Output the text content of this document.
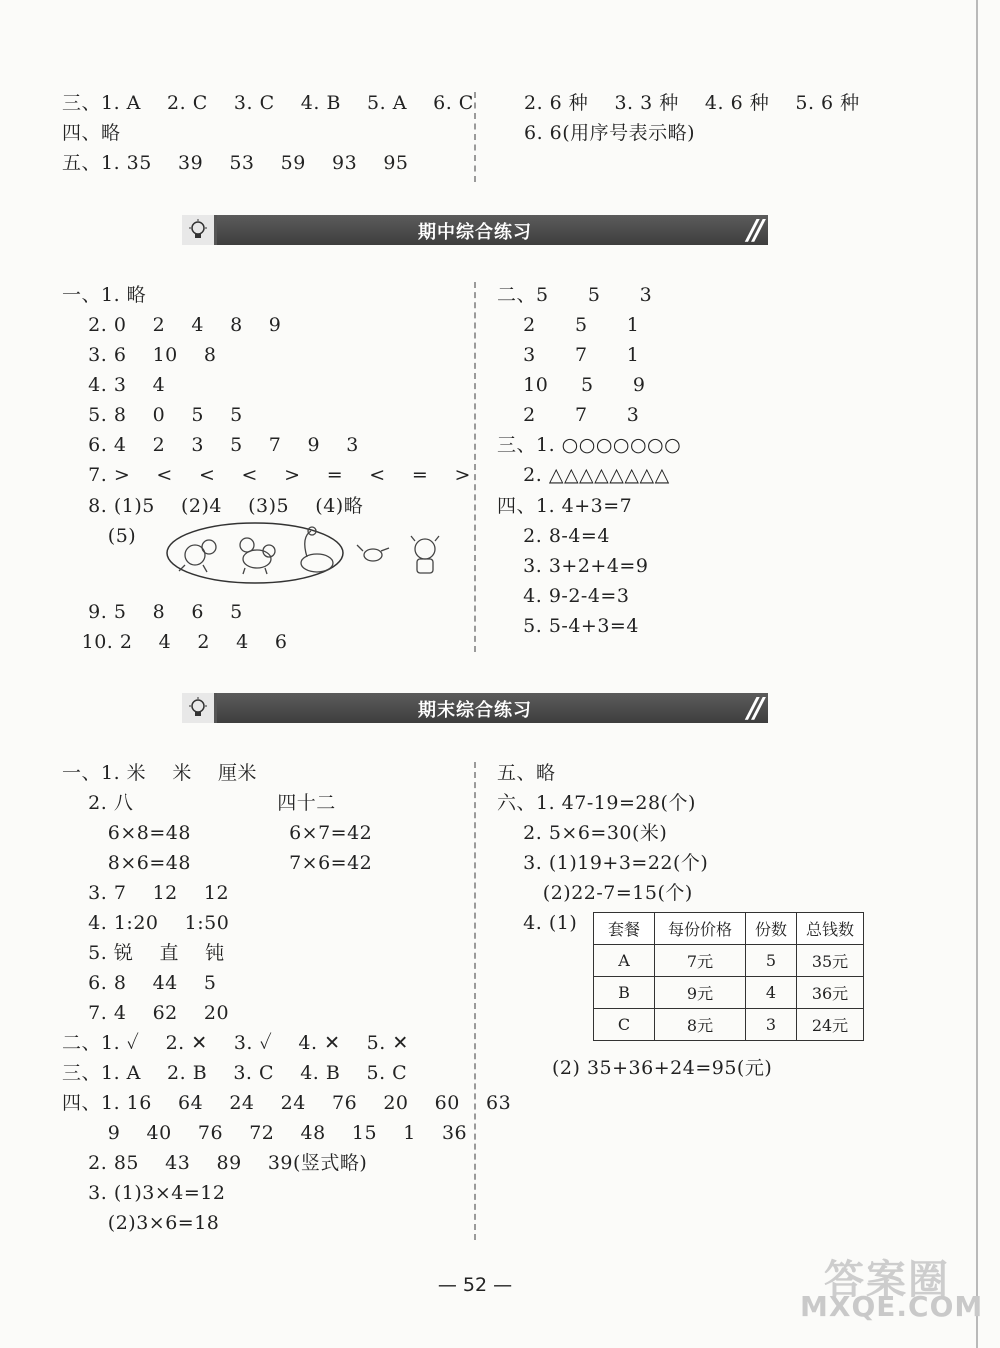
三、1. A    2. C    3. C    4. B    5. A    6. C
四、略
五、1. 35    39    53    59    93    95
2. 6 种    3. 3 种    4. 6 种    5. 6 种
6. 6(用序号表示略)
期中综合练习	//
一、1. 略
2. 0    2    4    8    9
3. 6    10    8
4. 3    4
5. 8    0    5    5
6. 4    2    3    5    7    9    3
7. >    <    <    <    >    =    <    =    >
8. (1)5    (2)4    (3)5    (4)略
(5)
9. 5    8    6    5
10. 2    4    2    4    6
二、5      5      3
2      5      1
3      7      1
10     5      9
2      7      3
三、1. ○○○○○○○
2. △△△△△△△△
四、1. 4+3=7
2. 8-4=4
3. 3+2+4=9
4. 9-2-4=3
5. 5-4+3=4
期末综合练习	//
一、1. 米    米    厘米
2. 八                      四十二
6×8=48               6×7=42
8×6=48               7×6=42
3. 7    12    12
4. 1:20    1:50
5. 锐    直    钝
6. 8    44    5
7. 4    62    20
二、1. ✓    2. ✕    3. ✓    4. ✕    5. ✕
三、1. A    2. B    3. C    4. B    5. C
四、1. 16    64    24    24    76    20    60    63
9    40    76    72    48    15    1    36
2. 85    43    89    39(竖式略)
3. (1)3×4=12
(2)3×6=18
五、略
六、1. 47-19=28(个)
2. 5×6=30(米)
3. (1)19+3=22(个)
(2)22-7=15(个)
4. (1) 套餐	每份价格	份数	总钱数
A	7元	5	35元
B	9元	4	36元
C	8元	3	24元
(2) 35+36+24=95(元)
— 52 —	答案圈
MXQE.COM
